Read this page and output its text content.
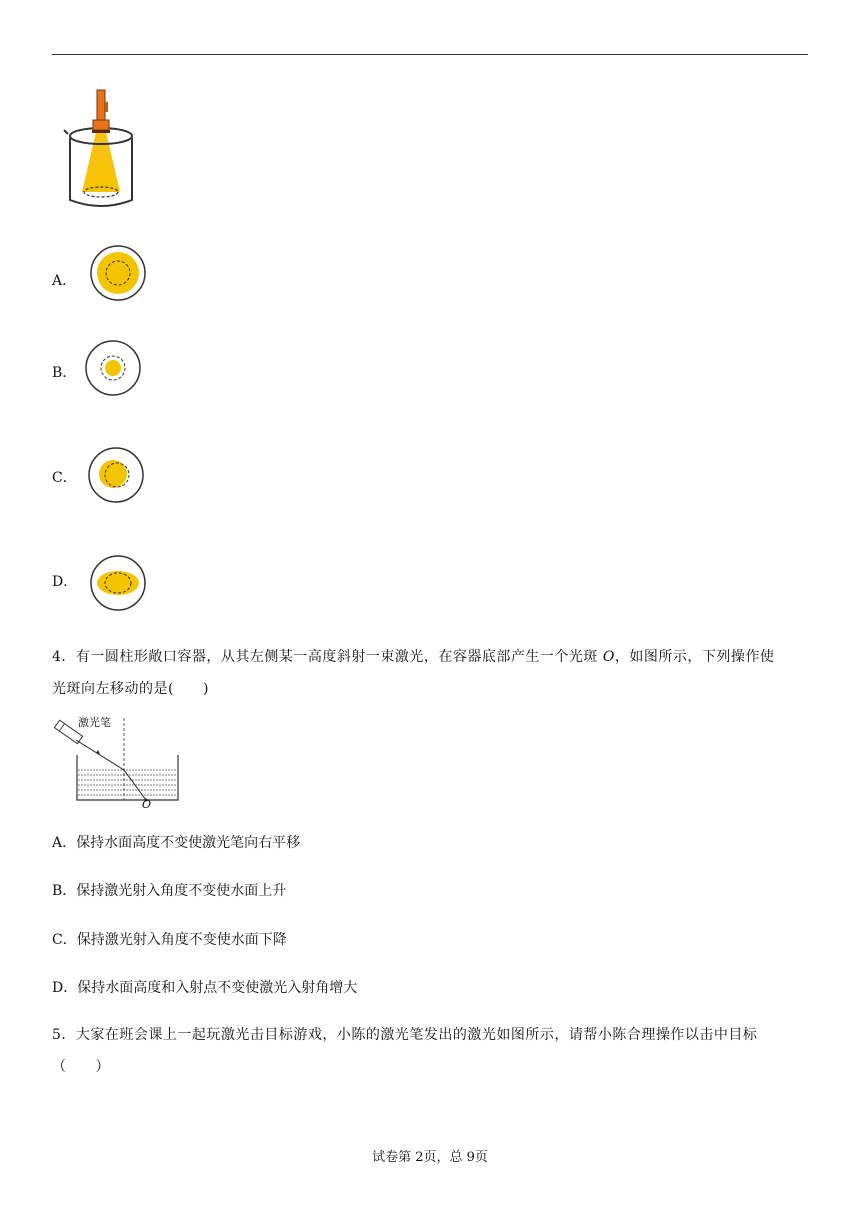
A．
B．
C．
D．
4．有一圆柱形敞口容器，从其左侧某一高度斜射一束激光，在容器底部产生一个光斑 O，如图所示，下列操作使
光斑向左移动的是(　　)
激光笔
O
A．保持水面高度不变使激光笔向右平移
B．保持激光射入角度不变使水面上升
C．保持激光射入角度不变使水面下降
D．保持水面高度和入射点不变使激光入射角增大
5．大家在班会课上一起玩激光击目标游戏，小陈的激光笔发出的激光如图所示，请帮小陈合理操作以击中目标
（　　）
试卷第 2页，总 9页
